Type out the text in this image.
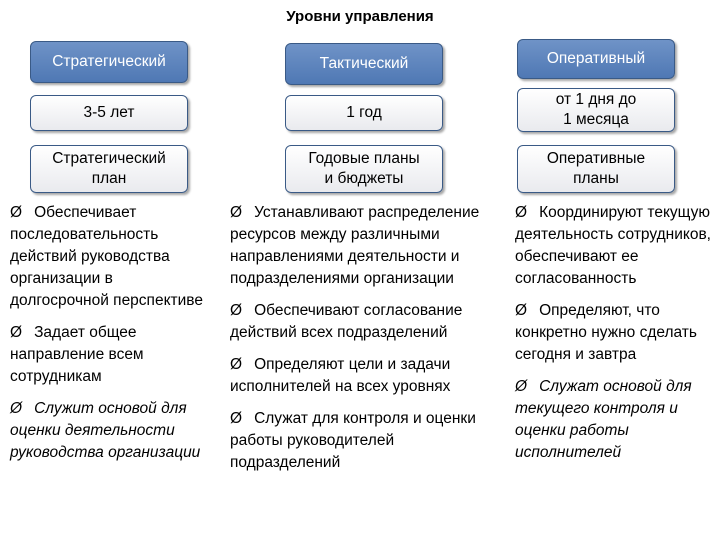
Уровни управления
Стратегический
3-5 лет
Стратегический
план
Тактический
1 год
Годовые планы
и бюджеты
Оперативный
от 1 дня до
1 месяца
Оперативные
планы

Ø Обеспечивает последовательность действий руководства организации в долгосрочной перспективе

Ø Задает общее направление всем сотрудникам

Ø Служит основой для оценки деятельности руководства организации

Ø Устанавливают распределение ресурсов между различными направлениями деятельности и подразделениями организации

Ø Обеспечивают согласование действий всех подразделений

Ø Определяют цели и задачи исполнителей на всех уровнях

Ø Служат для контроля и оценки работы руководителей подразделений

Ø Координируют текущую деятельность сотрудников, обеспечивают ее согласованность

Ø Определяют, что конкретно нужно сделать сегодня и завтра

Ø Служат основой для текущего контроля и оценки работы исполнителей
